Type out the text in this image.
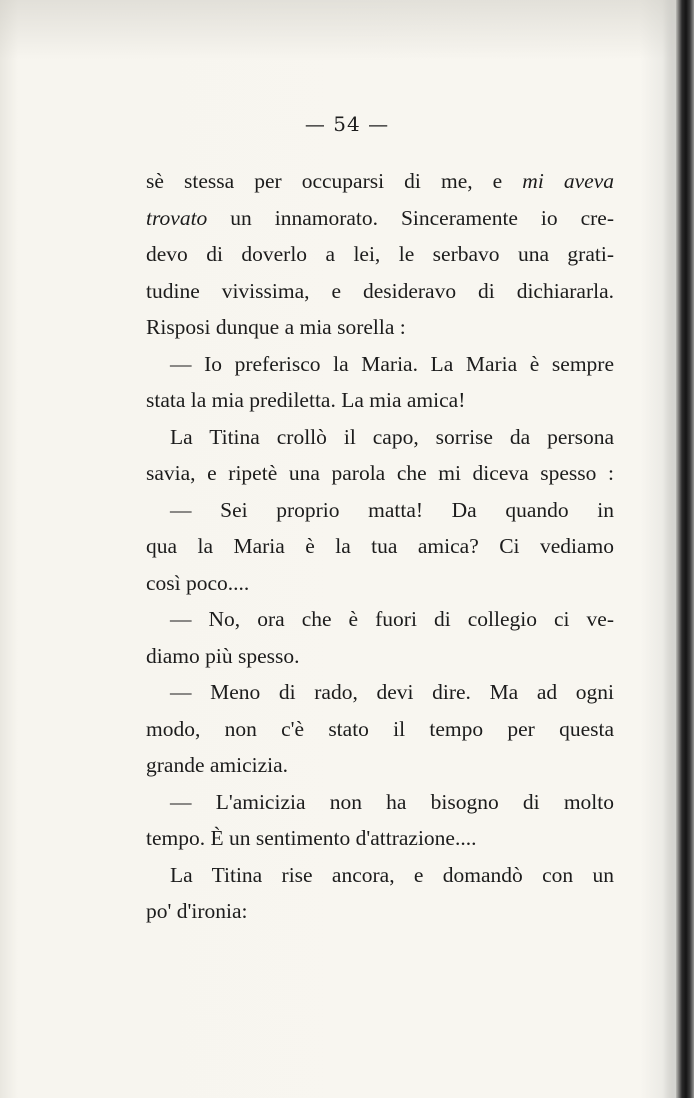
— 54 —
sè stessa per occuparsi di me, e mi aveva
trovato un innamorato. Sinceramente io cre-
devo di doverlo a lei, le serbavo una grati-
tudine vivissima, e desideravo di dichiararla.
Risposi dunque a mia sorella :
— Io preferisco la Maria. La Maria è sempre
stata la mia prediletta. La mia amica!
La Titina crollò il capo, sorrise da persona
savia, e ripetè una parola che mi diceva spesso :
— Sei proprio matta! Da quando in
qua la Maria è la tua amica? Ci vediamo
così poco....
— No, ora che è fuori di collegio ci ve-
diamo più spesso.
— Meno di rado, devi dire. Ma ad ogni
modo, non c'è stato il tempo per questa
grande amicizia.
— L'amicizia non ha bisogno di molto
tempo. È un sentimento d'attrazione....
La Titina rise ancora, e domandò con un
po' d'ironia:
